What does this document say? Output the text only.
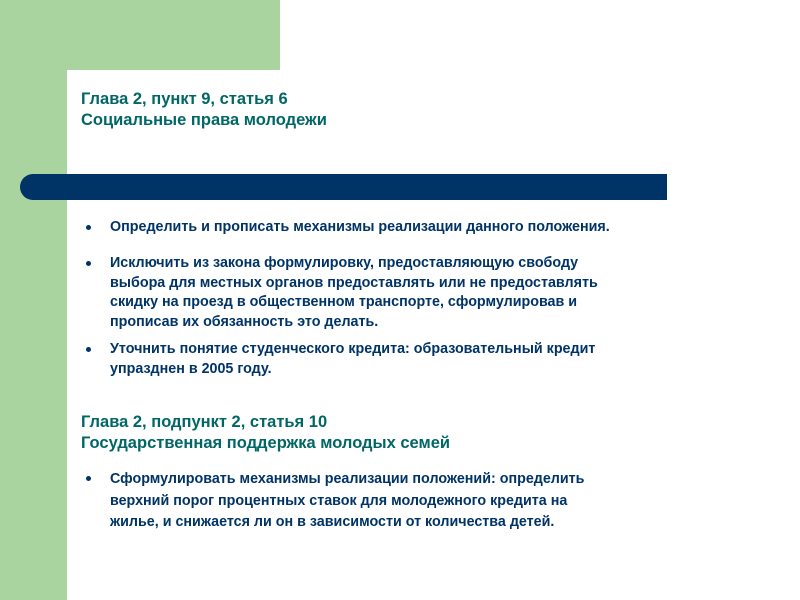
Глава 2, пункт 9, статья 6
Социальные права молодежи
Определить и прописать механизмы реализации данного положения.
Исключить из закона формулировку, предоставляющую свободу
выбора для местных органов предоставлять или не предоставлять
скидку на проезд в общественном транспорте, сформулировав и
прописав их обязанность это делать.
Уточнить понятие студенческого кредита: образовательный кредит
упразднен в 2005 году.
Глава 2, подпункт 2, статья 10
Государственная поддержка молодых семей
Сформулировать механизмы реализации положений: определить
верхний порог процентных ставок для молодежного кредита на
жилье, и снижается ли он в зависимости от количества детей.
